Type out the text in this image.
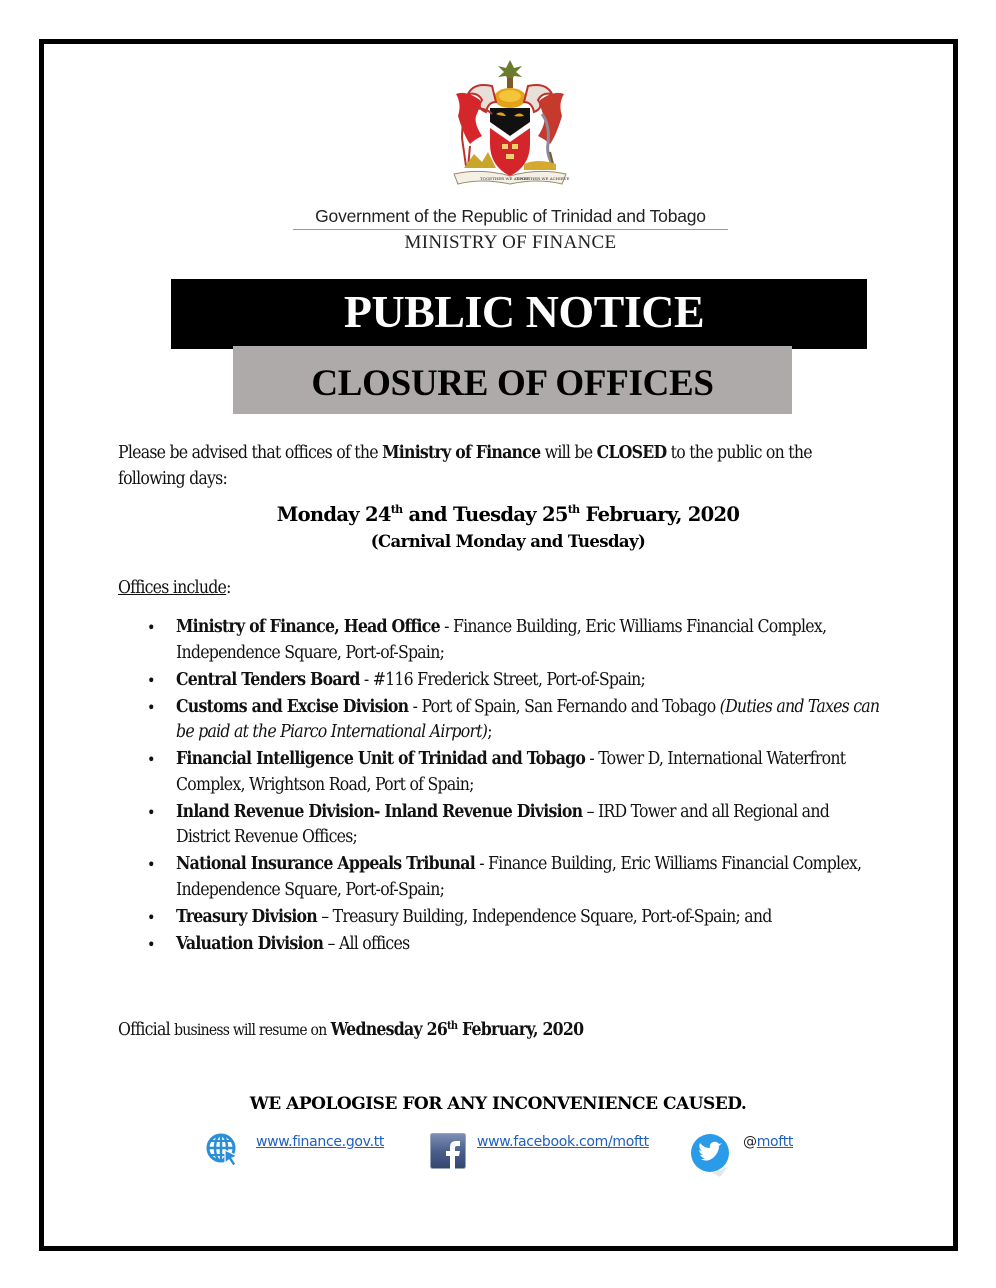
TOGETHER WE ASPIRE
TOGETHER WE ACHIEVE
Government of the Republic of Trinidad and Tobago
MINISTRY OF FINANCE
PUBLIC NOTICE
CLOSURE OF OFFICES

Please be advised that offices of the Ministry of Finance will be CLOSED to the public on the following days:

Monday 24th and Tuesday 25th February, 2020
(Carnival Monday and Tuesday)
Offices include:
• Ministry of Finance, Head Office - Finance Building, Eric Williams Financial Complex, Independence Square, Port-of-Spain;
• Central Tenders Board - #116 Frederick Street, Port-of-Spain;
• Customs and Excise Division - Port of Spain, San Fernando and Tobago (Duties and Taxes can be paid at the Piarco International Airport);
• Financial Intelligence Unit of Trinidad and Tobago - Tower D, International Waterfront Complex, Wrightson Road, Port of Spain;
• Inland Revenue Division- Inland Revenue Division – IRD Tower and all Regional and District Revenue Offices;
• National Insurance Appeals Tribunal - Finance Building, Eric Williams Financial Complex, Independence Square, Port-of-Spain;
• Treasury Division – Treasury Building, Independence Square, Port-of-Spain; and
• Valuation Division – All offices

Official business will resume on Wednesday 26th February, 2020

WE APOLOGISE FOR ANY INCONVENIENCE CAUSED.
www.finance.gov.tt	www.facebook.com/moftt	@moftt
